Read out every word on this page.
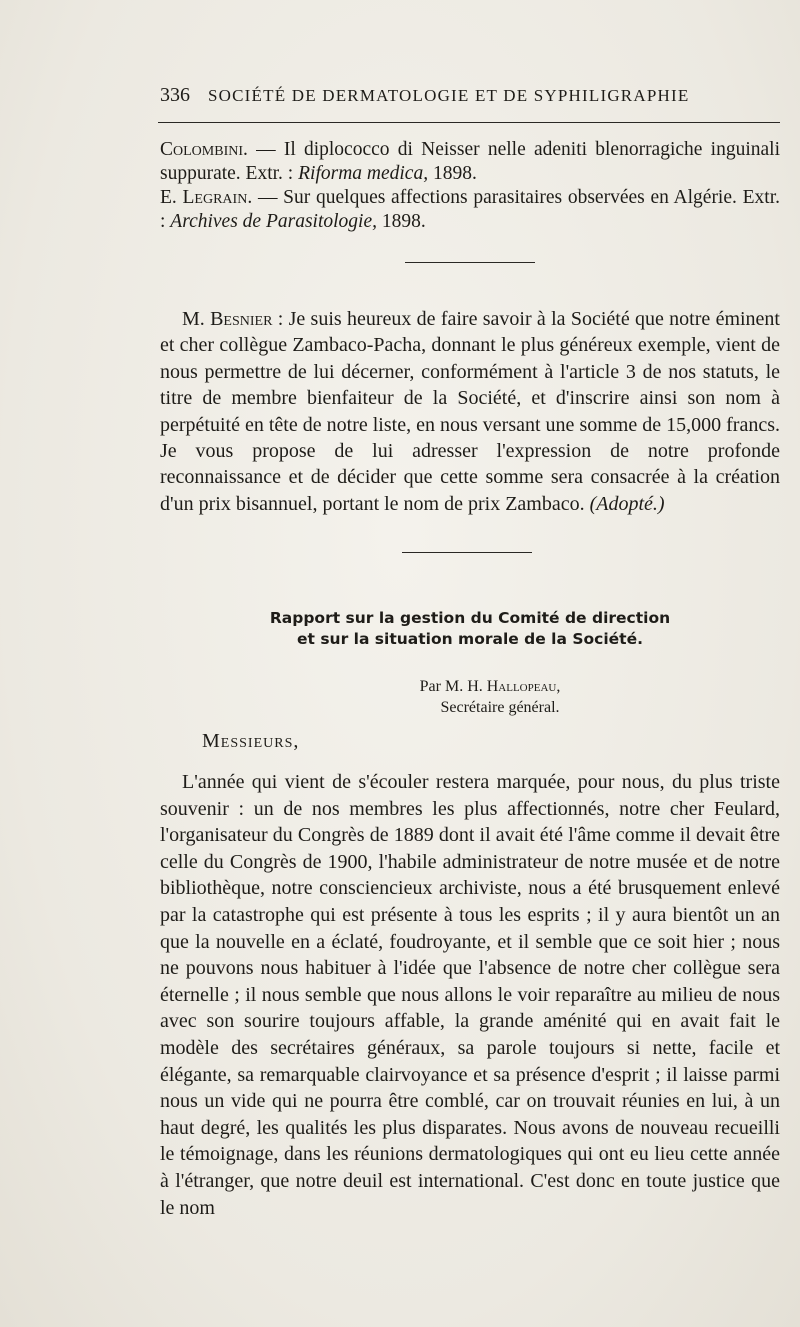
336 SOCIÉTÉ DE DERMATOLOGIE ET DE SYPHILIGRAPHIE

Colombini. — Il diplococco di Neisser nelle adeniti blenorragiche inguinali suppurate. Extr. : Riforma medica, 1898.

E. Legrain. — Sur quelques affections parasitaires observées en Algérie. Extr. : Archives de Parasitologie, 1898.

M. Besnier : Je suis heureux de faire savoir à la Société que notre éminent et cher collègue Zambaco-Pacha, donnant le plus généreux exemple, vient de nous permettre de lui décerner, conformément à l'article 3 de nos statuts, le titre de membre bienfaiteur de la Société, et d'inscrire ainsi son nom à perpétuité en tête de notre liste, en nous versant une somme de 15,000 francs. Je vous propose de lui adresser l'expression de notre profonde reconnaissance et de décider que cette somme sera consacrée à la création d'un prix bisannuel, portant le nom de prix Zambaco. (Adopté.)

Rapport sur la gestion du Comité de direction
et sur la situation morale de la Société.
Par M. H. Hallopeau,
Secrétaire général.
Messieurs,

L'année qui vient de s'écouler restera marquée, pour nous, du plus triste souvenir : un de nos membres les plus affectionnés, notre cher Feulard, l'organisateur du Congrès de 1889 dont il avait été l'âme comme il devait être celle du Congrès de 1900, l'habile administrateur de notre musée et de notre bibliothèque, notre consciencieux archiviste, nous a été brusquement enlevé par la catastrophe qui est présente à tous les esprits ; il y aura bientôt un an que la nouvelle en a éclaté, foudroyante, et il semble que ce soit hier ; nous ne pouvons nous habituer à l'idée que l'absence de notre cher collègue sera éternelle ; il nous semble que nous allons le voir reparaître au milieu de nous avec son sourire toujours affable, la grande aménité qui en avait fait le modèle des secrétaires généraux, sa parole toujours si nette, facile et élégante, sa remarquable clairvoyance et sa présence d'esprit ; il laisse parmi nous un vide qui ne pourra être comblé, car on trouvait réunies en lui, à un haut degré, les qualités les plus disparates. Nous avons de nouveau recueilli le témoignage, dans les réunions dermatologiques qui ont eu lieu cette année à l'étranger, que notre deuil est international. C'est donc en toute justice que le nom
